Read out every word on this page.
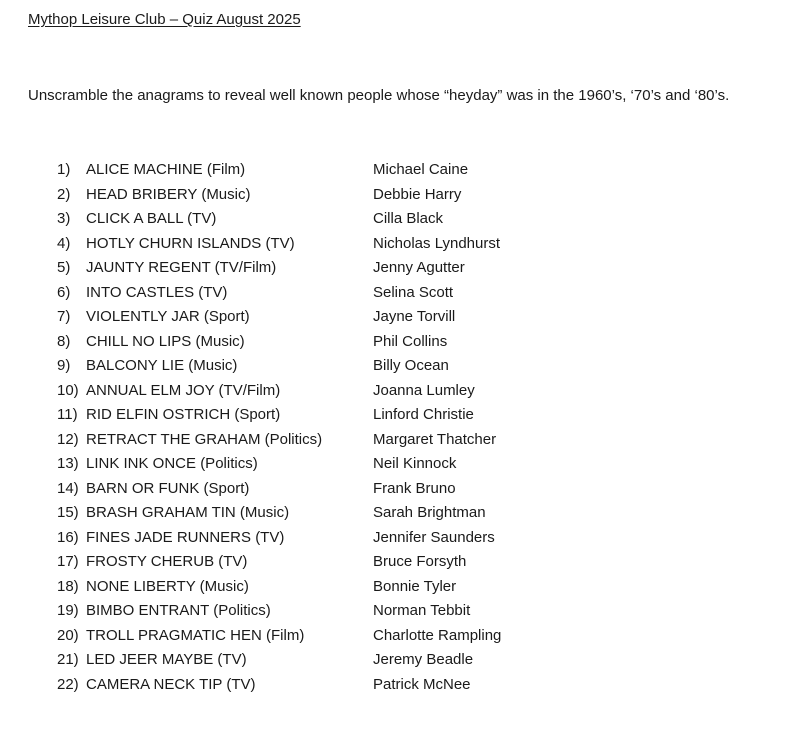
Mythop Leisure Club – Quiz August 2025
Unscramble the anagrams to reveal well known people whose “heyday” was in the 1960’s, ‘70’s and ‘80’s.
1) ALICE MACHINE (Film)	Michael Caine
2) HEAD BRIBERY (Music)	Debbie Harry
3) CLICK A BALL (TV)	Cilla Black
4) HOTLY CHURN ISLANDS (TV)	Nicholas Lyndhurst
5) JAUNTY REGENT (TV/Film)	Jenny Agutter
6) INTO CASTLES (TV)	Selina Scott
7) VIOLENTLY JAR (Sport)	Jayne Torvill
8) CHILL NO LIPS (Music)	Phil Collins
9) BALCONY LIE (Music)	Billy Ocean
10) ANNUAL ELM JOY (TV/Film)	Joanna Lumley
11) RID ELFIN OSTRICH (Sport)	Linford Christie
12) RETRACT THE GRAHAM (Politics)	Margaret Thatcher
13) LINK INK ONCE (Politics)	Neil Kinnock
14) BARN OR FUNK (Sport)	Frank Bruno
15) BRASH GRAHAM TIN (Music)	Sarah Brightman
16) FINES JADE RUNNERS (TV)	Jennifer Saunders
17) FROSTY CHERUB (TV)	Bruce Forsyth
18) NONE LIBERTY (Music)	Bonnie Tyler
19) BIMBO ENTRANT (Politics)	Norman Tebbit
20) TROLL PRAGMATIC HEN (Film)	Charlotte Rampling
21) LED JEER MAYBE (TV)	Jeremy Beadle
22) CAMERA NECK TIP (TV)	Patrick McNee
